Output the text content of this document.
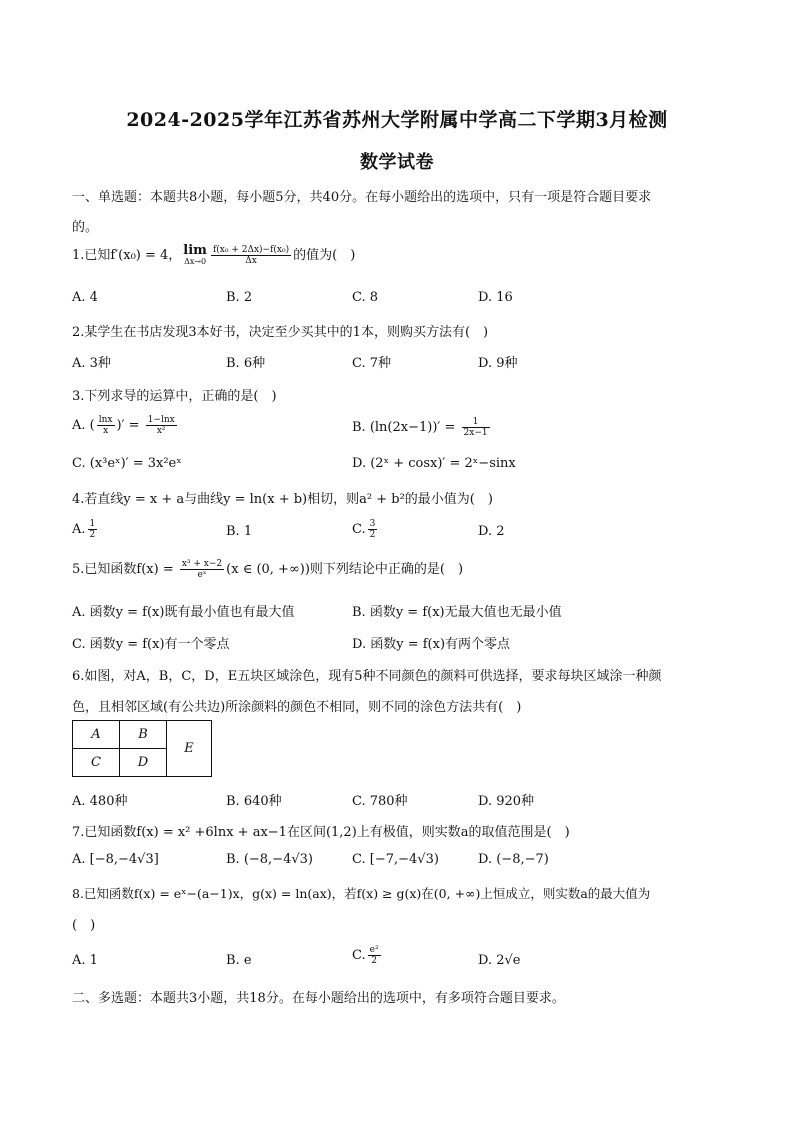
2024-2025学年江苏省苏州大学附属中学高二下学期3月检测
数学试卷
一、单选题：本题共8小题，每小题5分，共40分。在每小题给出的选项中，只有一项是符合题目要求
的。
1.已知f′(x₀) = 4， lim
$\Delta x\to 0 \frac{\text{f(x₀ + 2Δx)−f(x₀)}}{\Delta x}$ 的值为(　)
A. 4	B. 2	C. 8	D. 16
2.某学生在书店发现3本好书，决定至少买其中的1本，则购买方法有(　)
A. 3种	B. 6种	C. 7种	D. 9种
3.下列求导的运算中，正确的是(　)
A. ( $\frac{\ln x}{x}$ )′ = $\frac{1-\ln x}{\text{x²}}$	B. $(\ln(2x-1))' = \frac{1}{2x-1}$
C. (x³eˣ)′ = 3x²eˣ	D. (2ˣ + cosx)′ = 2ˣ−sinx
4.若直线y = x + a与曲线y = ln(x + b)相切，则a² + b²的最小值为(　)
A. $\frac{1}{2}$	B. 1	C. $\frac{3}{2}$	D. 2
5.已知函数$f(x) = \frac{\text{x³ + x−2}}{\text{eˣ}} (x$ ∈ (0, +∞))则下列结论中正确的是(　)
A. 函数y = f(x)既有最小值也有最大值	B. 函数y = f(x)无最大值也无最小值
C. 函数y = f(x)有一个零点	D. 函数y = f(x)有两个零点
6.如图，对A，B，C，D，E五块区域涂色，现有5种不同颜色的颜料可供选择，要求每块区域涂一种颜
色，且相邻区域(有公共边)所涂颜料的颜色不相同，则不同的涂色方法共有(　)
A	B	E
C	D	
A. 480种	B. 640种	C. 780种	D. 920种
7.已知函数f(x) = x² +6lnx + ax−1在区间(1,2)上有极值，则实数a的取值范围是(　)
A. [−8,−4√3]	B. (−8,−4√3)	C. [−7,−4√3)	D. (−8,−7)
8.已知函数f(x) = eˣ−(a−1)x，g(x) = ln(ax)，若f(x) ≥ g(x)在(0, +∞)上恒成立，则实数a的最大值为
(　)
A. 1	B. e	C. $\frac{\text{e²}}{2}$	D. 2√e
二、多选题：本题共3小题，共18分。在每小题给出的选项中，有多项符合题目要求。
